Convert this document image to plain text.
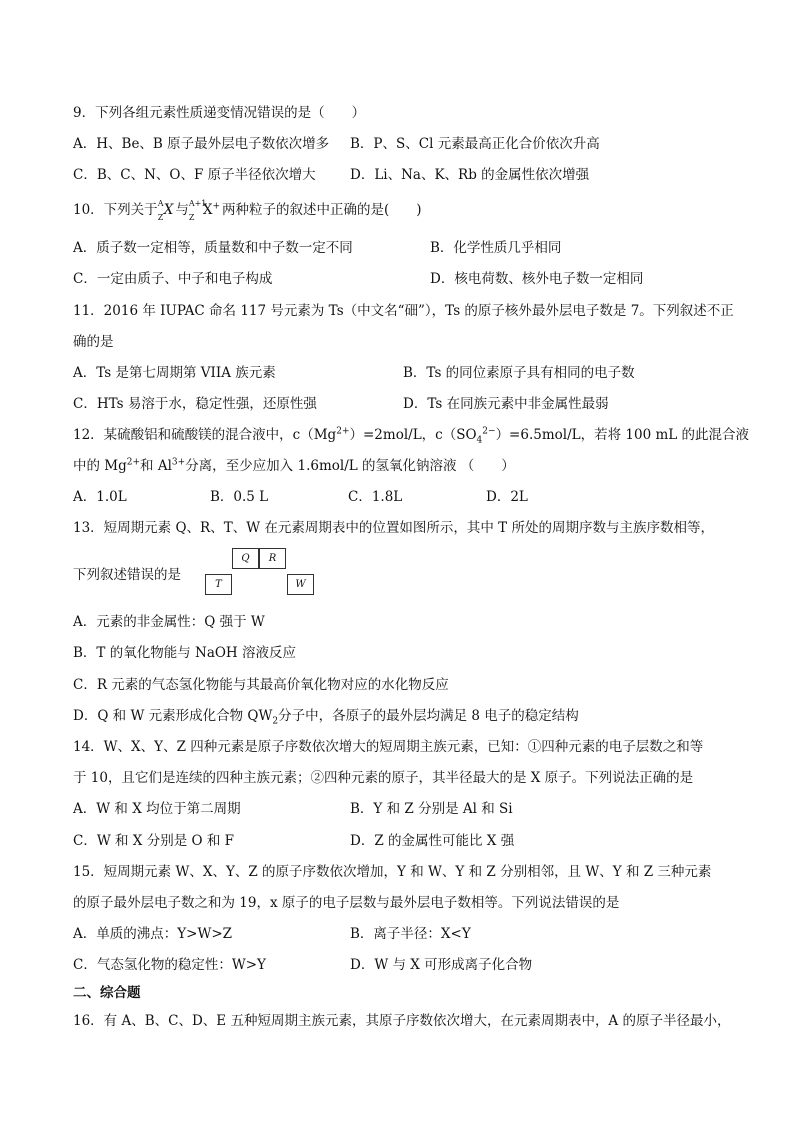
9．下列各组元素性质递变情况错误的是（　　）
A．H、Be、B 原子最外层电子数依次增多 B．P、S、Cl 元素最高正化合价依次升高
C．B、C、N、O、F 原子半径依次增大	D．Li、Na、K、Rb 的金属性依次增强
10．下列关于 A
Z X 与 A+1
Z X+ 两种粒子的叙述中正确的是(　　)
A．质子数一定相等，质量数和中子数一定不同	B．化学性质几乎相同
C．一定由质子、中子和电子构成	D．核电荷数、核外电子数一定相同
11．2016 年 IUPAC 命名 117 号元素为 Ts（中文名“鿬”），Ts 的原子核外最外层电子数是 7。下列叙述不正
确的是
A．Ts 是第七周期第 VIIA 族元素	B．Ts 的同位素原子具有相同的电子数
C．HTs 易溶于水，稳定性强，还原性强	D．Ts 在同族元素中非金属性最弱
12．某硫酸铝和硫酸镁的混合液中，$c(Mg^{2+})=2mol/L$，$c(SO_4^{2-})=6.5mol/L$，若将 100 mL 的此混合液
中的 $Mg^{2+}$和 $Al^{3+}$分离，至少应加入 1.6mol/L 的氢氧化钠溶液 （　　）
A．1.0L	B．0.5 L	C．1.8L	D．2L
13．短周期元素 Q、R、T、W 在元素周期表中的位置如图所示，其中 T 所处的周期序数与主族序数相等，
下列叙述错误的是
Q	R
T	W
A．元素的非金属性：Q 强于 W
B．T 的氧化物能与 NaOH 溶液反应
C．R 元素的气态氢化物能与其最高价氧化物对应的水化物反应
D．Q 和 W 元素形成化合物 $QW_2$分子中，各原子的最外层均满足 8 电子的稳定结构
14．W、X、Y、Z 四种元素是原子序数依次增大的短周期主族元素，已知：①四种元素的电子层数之和等
于 10，且它们是连续的四种主族元素；②四种元素的原子，其半径最大的是 X 原子。下列说法正确的是
A．W 和 X 均位于第二周期	B．Y 和 Z 分别是 Al 和 Si
C．W 和 X 分别是 O 和 F	D．Z 的金属性可能比 X 强
15．短周期元素 W、X、Y、Z 的原子序数依次增加，Y 和 W、Y 和 Z 分别相邻，且 W、Y 和 Z 三种元素
的原子最外层电子数之和为 19，x 原子的电子层数与最外层电子数相等。下列说法错误的是
A．单质的沸点：Y>W>Z	B．离子半径：X<Y
C．气态氢化物的稳定性：W>Y	D．W 与 X 可形成离子化合物
二、综合题
16．有 A、B、C、D、E 五种短周期主族元素，其原子序数依次增大，在元素周期表中，A 的原子半径最小，
